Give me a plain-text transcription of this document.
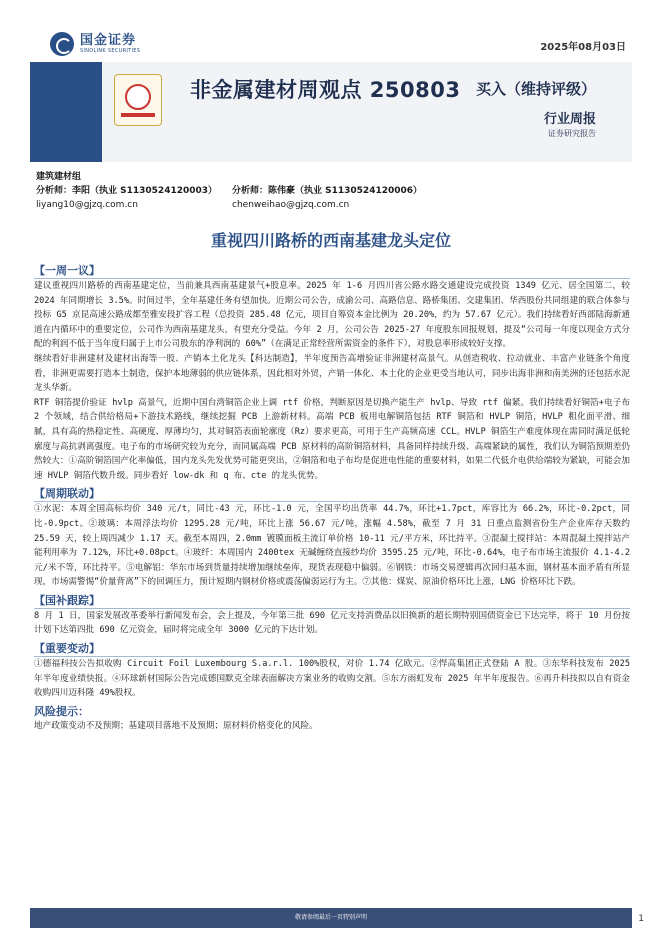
国金证券
SINOLINK SECURITIES	2025年08月03日
非金属建材周观点 250803 买入（维持评级）
行业周报
证券研究报告
建筑建材组
分析师：李阳（执业 S1130524120003）
liyang10@gjzq.com.cn
分析师：陈伟豪（执业 S1130524120006）
chenweihao@gjzq.com.cn
重视四川路桥的西南基建龙头定位
【一周一议】

建议重视四川路桥的西南基建定位，当前兼具西南基建景气+股息率。2025 年 1-6 月四川省公路水路交通建设完成投资 1349 亿元、居全国第二，较 2024 年同期增长 3.5%。时间过半，全年基建任务有望加快。近期公司公告，成渝公司、高路信息、路桥集团、交建集团、华西股份共同组建的联合体参与投标 G5 京昆高速公路成都至雅安段扩容工程（总投资 285.48 亿元，项目自筹资本金比例为 20.20%，约为 57.67 亿元）。我们持续看好西部陆海新通道在内循环中的重要定位，公司作为西南基建龙头，有望充分受益。今年 2 月，公司公告 2025-27 年度股东回报规划，提及“公司每一年度以现金方式分配的利润不低于当年度归属于上市公司股东的净利润的 60%”（在满足正常经营所需资金的条件下），对股息率形成较好支撑。

继续看好非洲建材及建材出海等一股、产销本土化龙头【科达制造】，半年度预告高增验证非洲建材高景气。从创造税收、拉动就业、丰富产业链条个角度看，非洲更需要打造本土制造，保护本地薄弱的供应链体系，因此相对外贸，产销一体化、本土化的企业更受当地认可，同步出海非洲和南美洲的还包括水泥龙头华新。

RTF 铜箔提价验证 hvlp 高景气，近期中国台湾铜箔企业上调 rtf 价格，判断原因是切换产能生产 hvlp、导致 rtf 偏紧。我们持续看好铜箔+电子布 2 个领域，结合供给格局+下游技术路线，继续挖掘 PCB 上游新材料。高端 PCB 板用电解铜箔包括 RTF 铜箔和 HVLP 铜箔，HVLP 粗化面平滑、细腻，具有高的热稳定性、高硬度、厚薄均匀，其对铜箔表面轮廓度（Rz）要求更高，可用于生产高频高速 CCL。HVLP 铜箔生产难度体现在需同时满足低轮廓度与高抗剥离强度。电子布的市场研究较为充分，而同属高端 PCB 原材料的高阶铜箔材料，具备同样持续升级、高端紧缺的属性，我们认为铜箔预期差仍然较大：①高阶铜箔国产化率偏低，国内龙头先发优势可能更突出，②铜箔和电子布均是促进电性能的重要材料，如果二代低介电供给端较为紧缺，可能会加速 HVLP 铜箔代数升级。同步看好 low-dk 和 q 布、cte 的龙头优势。

【周期联动】

①水泥：本周全国高标均价 340 元/t，同比-43 元，环比-1.0 元，全国平均出货率 44.7%，环比+1.7pct，库容比为 66.2%，环比-0.2pct，同比-0.9pct。②玻璃：本周浮法均价 1295.28 元/吨，环比上涨 56.67 元/吨，涨幅 4.58%，截至 7 月 31 日重点监测省份生产企业库存天数约 25.59 天，较上周四减少 1.17 天。截至本周四，2.0mm 镀膜面板主流订单价格 10-11 元/平方米，环比持平。③混凝土搅拌站：本周混凝土搅拌站产能利用率为 7.12%，环比+0.08pct。④玻纤：本周国内 2400tex 无碱缠绕直接纱均价 3595.25 元/吨，环比-0.64%，电子布市场主流报价 4.1-4.2 元/米不等，环比持平。⑤电解铝：华东市场到货量持续增加继续垒库，现货表现稳中偏弱。⑥钢铁：市场交易逻辑再次回归基本面，钢材基本面矛盾有所显现，市场需警惕“价量背离”下的回调压力，预计短期内钢材价格或震荡偏弱运行为主。⑦其他：煤炭、原油价格环比上涨，LNG 价格环比下跌。

【国补跟踪】

8 月 1 日，国家发展改革委举行新闻发布会，会上提及，今年第三批 690 亿元支持消费品以旧换新的超长期特别国债资金已下达完毕，将于 10 月份按计划下达第四批 690 亿元资金，届时将完成全年 3000 亿元的下达计划。

【重要变动】

①德福科技公告拟收购 Circuit Foil Luxembourg S.a.r.l. 100%股权，对价 1.74 亿欧元。②悍高集团正式登陆 A 股。③东华科技发布 2025 年半年度业绩快报。④环球新材国际公告完成德国默克全球表面解决方案业务的收购交割。⑤东方雨虹发布 2025 年半年度报告。⑥再升科技拟以自有资金收购四川迈科隆 49%股权。

风险提示：

地产政策变动不及预期；基建项目落地不及预期；原材料价格变化的风险。

敬请参阅最后一页特别声明	1
